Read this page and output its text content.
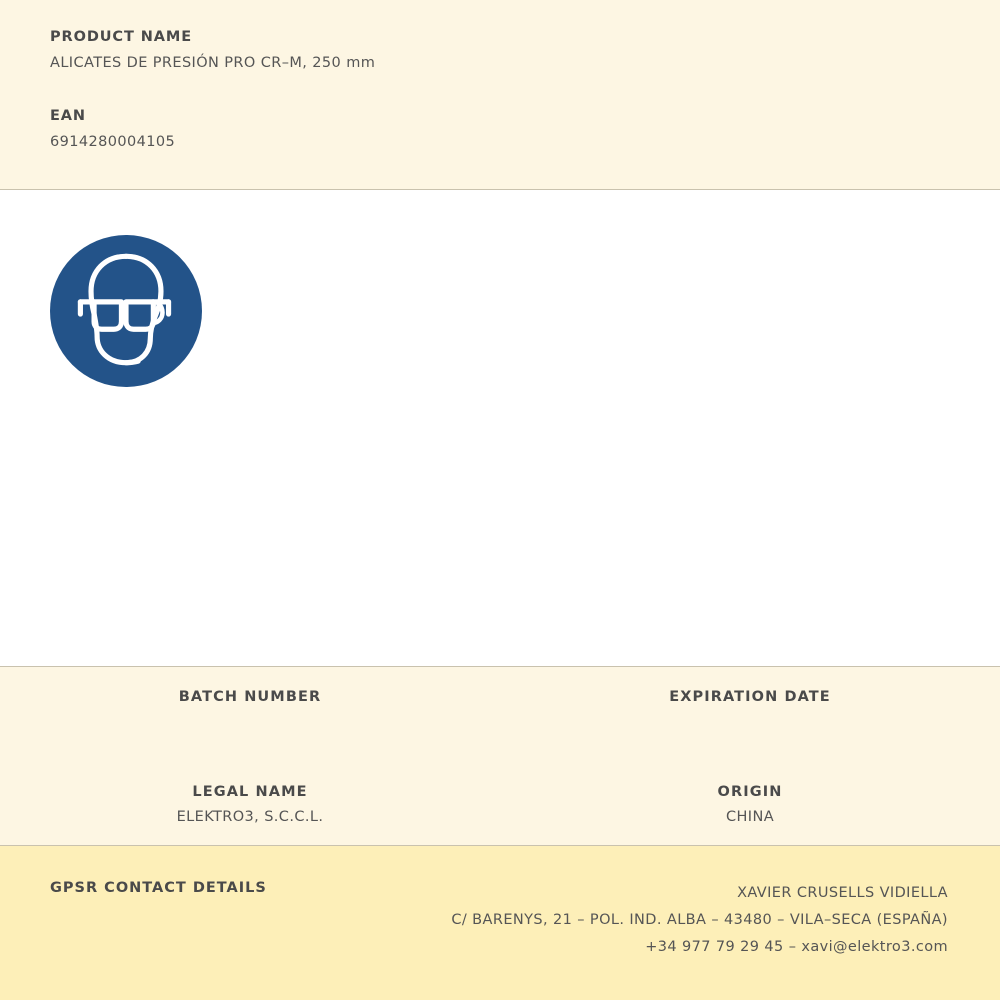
PRODUCT NAME
ALICATES DE PRESIÓN PRO CR–M, 250 mm
EAN
6914280004105
BATCH NUMBER	EXPIRATION DATE
LEGAL NAME
ELEKTRO3, S.C.C.L.
ORIGIN
CHINA
GPSR CONTACT DETAILS	XAVIER CRUSELLS VIDIELLA
C/ BARENYS, 21 – POL. IND. ALBA – 43480 – VILA–SECA (ESPAÑA)
+34 977 79 29 45 – xavi@elektro3.com
